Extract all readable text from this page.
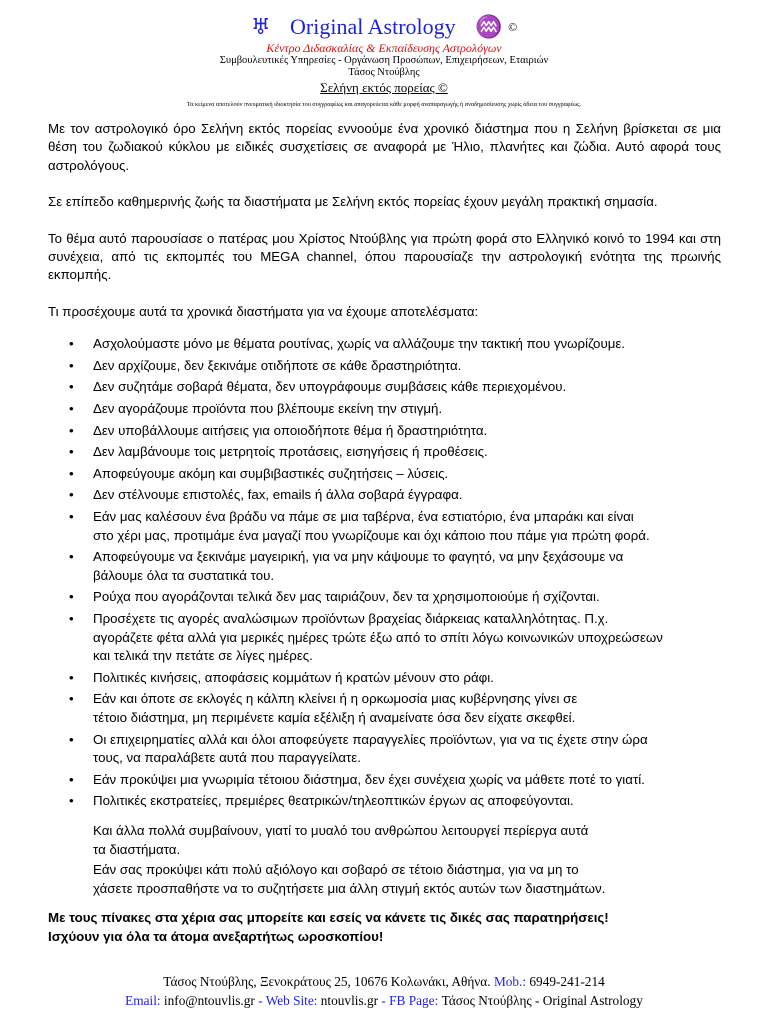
♅ Original Astrology ♒ ©
Κέντρο Διδασκαλίας & Εκπαίδευσης Αστρολόγων
Συμβουλευτικές Υπηρεσίες - Οργάνωση Προσώπων, Επιχειρήσεων, Εταιριών
Τάσος Ντούβλης
Σελήνη εκτός πορείας ©
Τα κείμενα αποτελούν πνευματική ιδιοκτησία του συγγραφέως και απαγορεύεται κάθε μορφή αναπαραγωγής ή αναδημοσίευσης χωρίς άδεια του συγγραφέως.

Με τον αστρολογικό όρο Σελήνη εκτός πορείας εννοούμε ένα χρονικό διάστημα που η Σελήνη βρίσκεται σε μια θέση του ζωδιακού κύκλου με ειδικές συσχετίσεις σε αναφορά με Ήλιο, πλανήτες και ζώδια. Αυτό αφορά τους αστρολόγους.

Σε επίπεδο καθημερινής ζωής τα διαστήματα με Σελήνη εκτός πορείας έχουν μεγάλη πρακτική σημασία.

Το θέμα αυτό παρουσίασε ο πατέρας μου Χρίστος Ντούβλης για πρώτη φορά στο Ελληνικό κοινό το 1994 και στη συνέχεια, από τις εκπομπές του MEGA channel, όπου παρουσίαζε την αστρολογική ενότητα της πρωινής εκπομπής.

Τι προσέχουμε αυτά τα χρονικά διαστήματα για να έχουμε αποτελέσματα:

• Ασχολούμαστε μόνο με θέματα ρουτίνας, χωρίς να αλλάζουμε την τακτική που γνωρίζουμε.
• Δεν αρχίζουμε, δεν ξεκινάμε οτιδήποτε σε κάθε δραστηριότητα.
• Δεν συζητάμε σοβαρά θέματα, δεν υπογράφουμε συμβάσεις κάθε περιεχομένου.
• Δεν αγοράζουμε προϊόντα που βλέπουμε εκείνη την στιγμή.
• Δεν υποβάλλουμε αιτήσεις για οποιοδήποτε θέμα ή δραστηριότητα.
• Δεν λαμβάνουμε τοις μετρητοίς προτάσεις, εισηγήσεις ή προθέσεις.
• Αποφεύγουμε ακόμη και συμβιβαστικές συζητήσεις – λύσεις.
• Δεν στέλνουμε επιστολές, fax, emails ή άλλα σοβαρά έγγραφα.
• Εάν μας καλέσουν ένα βράδυ να πάμε σε μια ταβέρνα, ένα εστιατόριο, ένα μπαράκι και είναι
στο χέρι μας, προτιμάμε ένα μαγαζί που γνωρίζουμε και όχι κάποιο που πάμε για πρώτη φορά.
• Αποφεύγουμε να ξεκινάμε μαγειρική, για να μην κάψουμε το φαγητό, να μην ξεχάσουμε να
βάλουμε όλα τα συστατικά του.
• Ρούχα που αγοράζονται τελικά δεν μας ταιριάζουν, δεν τα χρησιμοποιούμε ή σχίζονται.
• Προσέχετε τις αγορές αναλώσιμων προϊόντων βραχείας διάρκειας καταλληλότητας. Π.χ.
αγοράζετε φέτα αλλά για μερικές ημέρες τρώτε έξω από το σπίτι λόγω κοινωνικών υποχρεώσεων
και τελικά την πετάτε σε λίγες ημέρες.
• Πολιτικές κινήσεις, αποφάσεις κομμάτων ή κρατών μένουν στο ράφι.
• Εάν και όποτε σε εκλογές η κάλπη κλείνει ή η ορκωμοσία μιας κυβέρνησης γίνει σε
τέτοιο διάστημα, μη περιμένετε καμία εξέλιξη ή αναμείνατε όσα δεν είχατε σκεφθεί.
• Οι επιχειρηματίες αλλά και όλοι αποφεύγετε παραγγελίες προϊόντων, για να τις έχετε στην ώρα
τους, να παραλάβετε αυτά που παραγγείλατε.
• Εάν προκύψει μια γνωριμία τέτοιου διάστημα, δεν έχει συνέχεια χωρίς να μάθετε ποτέ το γιατί.
• Πολιτικές εκστρατείες, πρεμιέρες θεατρικών/τηλεοπτικών έργων ας αποφεύγονται.
Και άλλα πολλά συμβαίνουν, γιατί το μυαλό του ανθρώπου λειτουργεί περίεργα αυτά
τα διαστήματα.
Εάν σας προκύψει κάτι πολύ αξιόλογο και σοβαρό σε τέτοιο διάστημα, για να μη το
χάσετε προσπαθήστε να το συζητήσετε μια άλλη στιγμή εκτός αυτών των διαστημάτων.
Με τους πίνακες στα χέρια σας μπορείτε και εσείς να κάνετε τις δικές σας παρατηρήσεις!
Ισχύουν για όλα τα άτομα ανεξαρτήτως ωροσκοπίου!
Τάσος Ντούβλης, Ξενοκράτους 25, 10676 Κολωνάκι, Αθήνα. Mob.: 6949-241-214
Email: info@ntouvlis.gr - Web Site: ntouvlis.gr - FB Page: Τάσος Ντούβλης - Original Astrology
